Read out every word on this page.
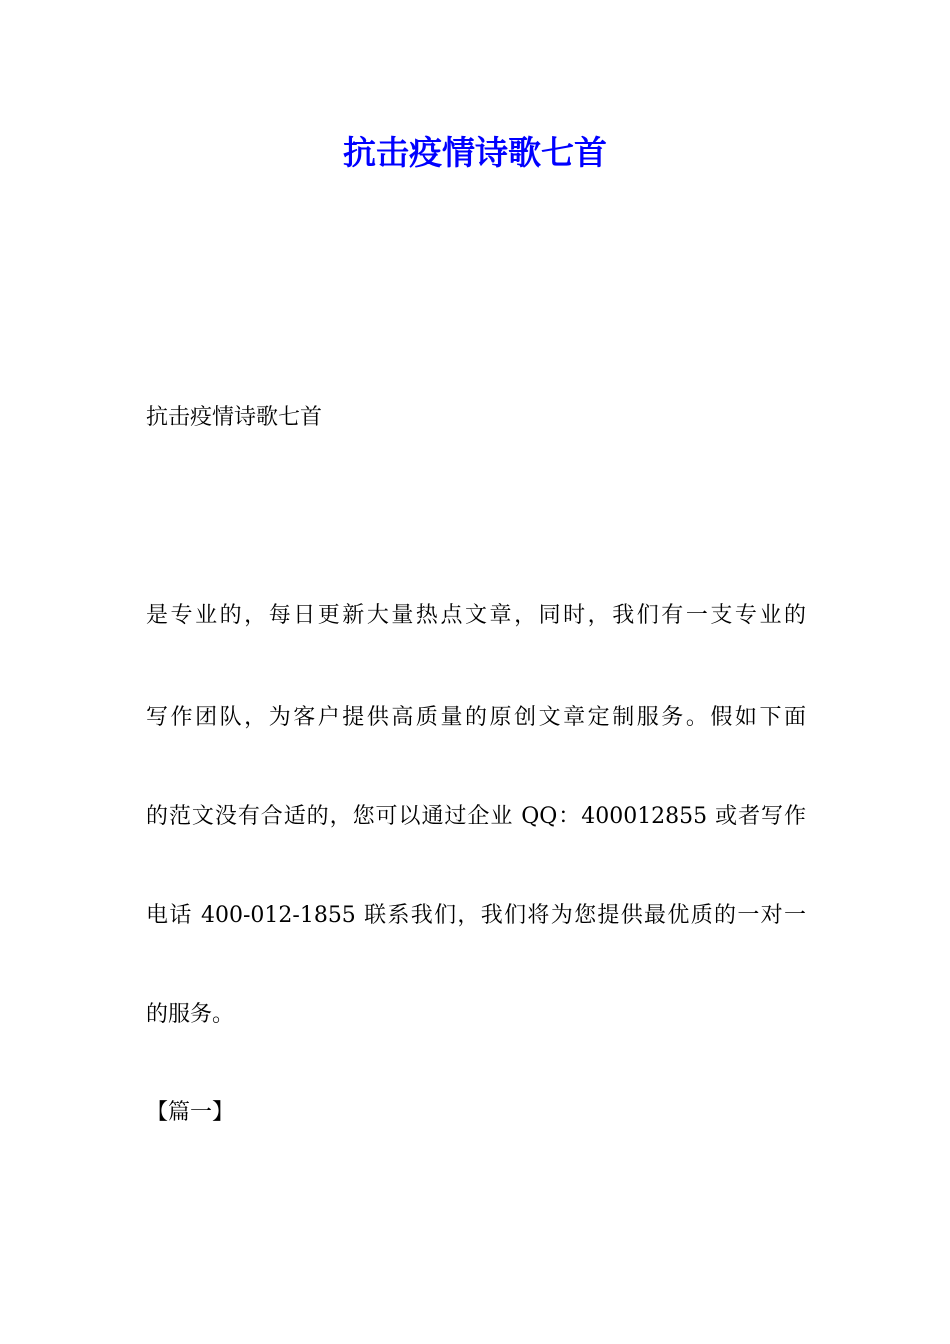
抗击疫情诗歌七首

抗击疫情诗歌七首

是专业的，每日更新大量热点文章，同时，我们有一支专业的

写作团队，为客户提供高质量的原创文章定制服务。假如下面

的范文没有合适的，您可以通过企业 QQ：400012855 或者写作

电话 400-012-1855 联系我们，我们将为您提供最优质的一对一

的服务。

【篇一】
